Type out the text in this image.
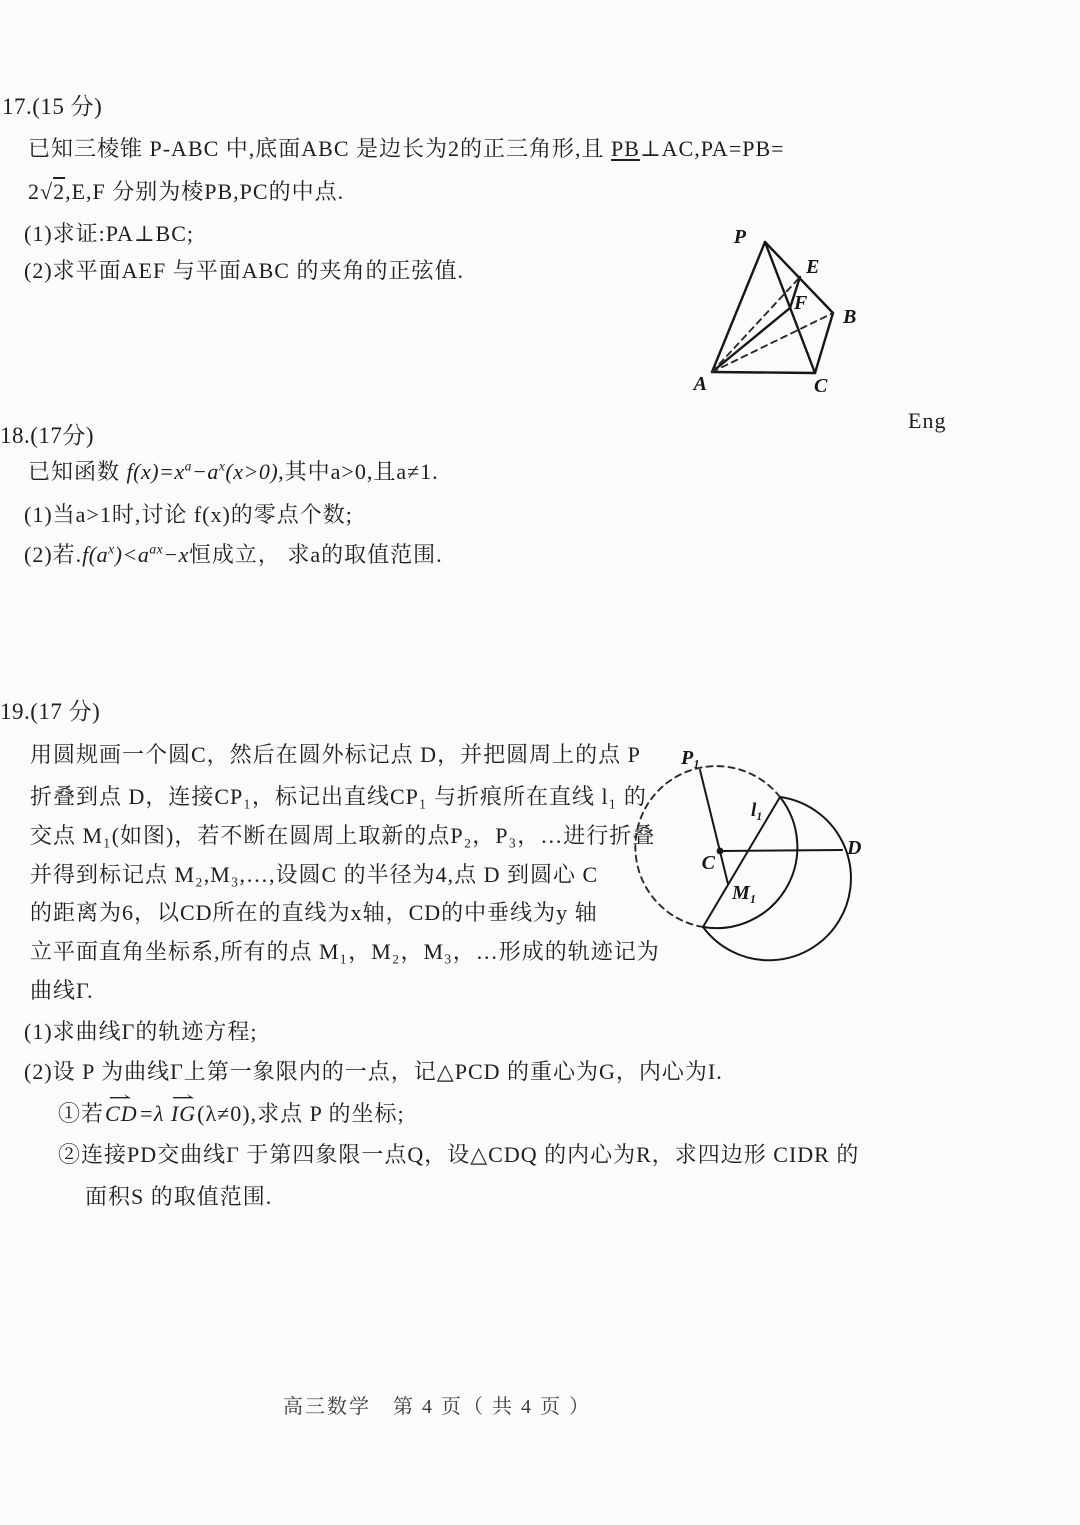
17.(15 分)
已知三棱锥 P-ABC 中,底面ABC 是边长为2的正三角形,且 PB⊥AC,PA=PB=
2√2,E,F 分别为棱PB,PC的中点.
(1)求证:PA⊥BC;
(2)求平面AEF 与平面ABC 的夹角的正弦值.
P
E
F
B
A	C
Eng
18.(17分)
已知函数 $f(x)=x^a-a^x(x>0)$,其中a>0,且a≠1.
(1)当a>1时,讨论 f(x)的零点个数;
(2)若$.f(a^x)<a^{ax}-x$恒成立， 求a的取值范围.
19.(17 分)
用圆规画一个圆C，然后在圆外标记点 D，并把圆周上的点 P
折叠到点 D，连接CP₁，标记出直线CP₁ 与折痕所在直线 l₁ 的
交点 M₁(如图)，若不断在圆周上取新的点P₂，P₃，…进行折叠
并得到标记点 M₂,M₃,…,设圆C 的半径为4,点 D 到圆心 C
的距离为6，以CD所在的直线为x轴，CD的中垂线为y 轴
立平面直角坐标系,所有的点 M₁，M₂，M₃，…形成的轨迹记为
曲线Γ.
(1)求曲线Γ的轨迹方程;
(2)设 P 为曲线Γ上第一象限内的一点，记△PCD 的重心为G，内心为I.
①若CD ⇀=λ IG ⇀(λ≠0),求点 P 的坐标;
②连接PD交曲线Γ 于第四象限一点Q，设△CDQ 的内心为R，求四边形 CIDR 的
面积S 的取值范围.
P₁
l₁
C
M₁
D
高三数学　第 4 页（ 共 4 页 ）
